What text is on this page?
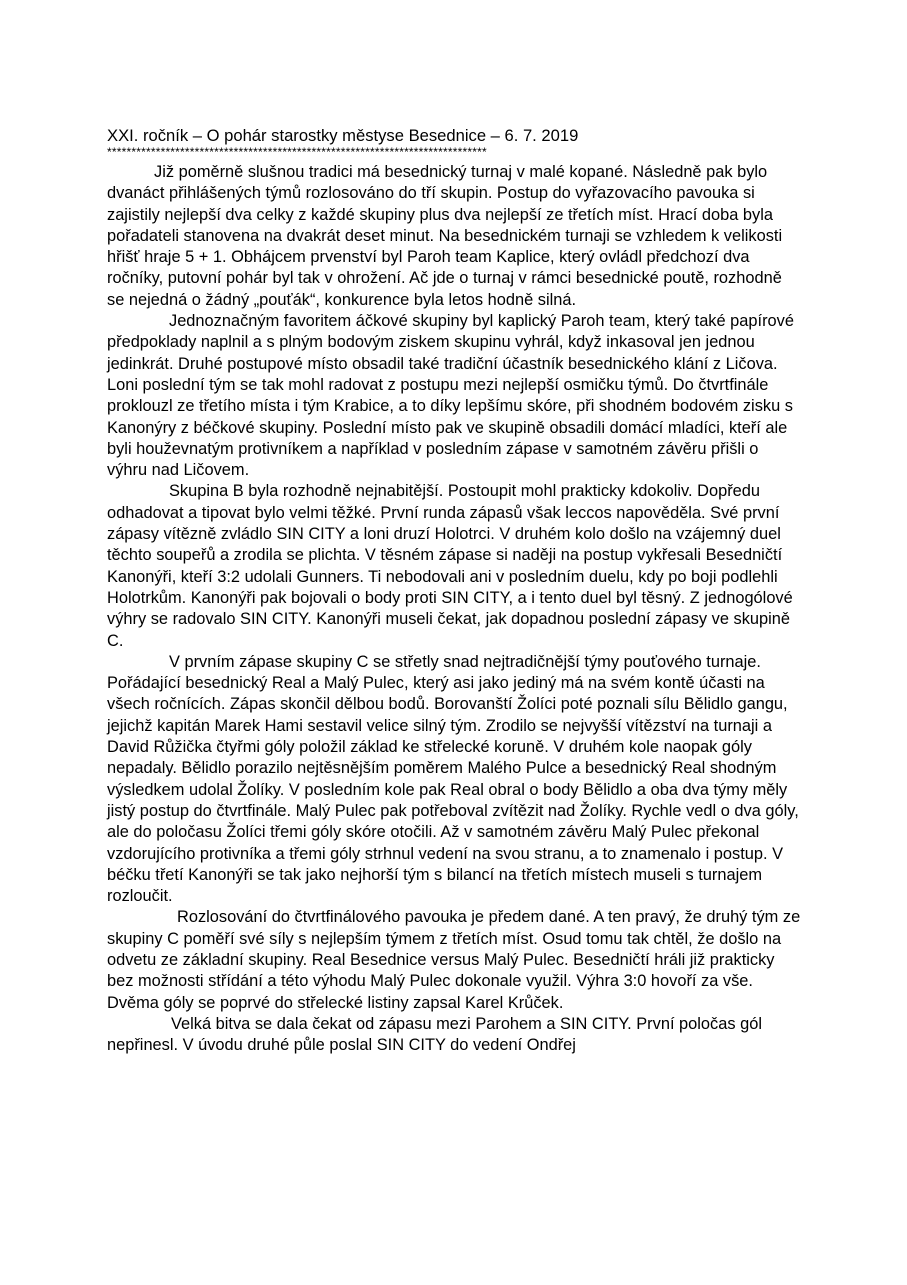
XXI. ročník – O pohár starostky městyse Besednice – 6. 7. 2019
******************************************************************************

Již poměrně slušnou tradici má besednický turnaj v malé kopané. Následně pak bylo dvanáct přihlášených týmů rozlosováno do tří skupin. Postup do vyřazovacího pavouka si zajistily nejlepší dva celky z každé skupiny plus dva nejlepší ze třetích míst. Hrací doba byla pořadateli stanovena na dvakrát deset minut. Na besednickém turnaji se vzhledem k velikosti hřišť hraje 5 + 1. Obhájcem prvenství byl Paroh team Kaplice, který ovládl předchozí dva ročníky, putovní pohár byl tak v ohrožení. Ač jde o turnaj v rámci besednické poutě, rozhodně se nejedná o žádný „pouťák“, konkurence byla letos hodně silná.

Jednoznačným favoritem áčkové skupiny byl kaplický Paroh team, který také papírové předpoklady naplnil a s plným bodovým ziskem skupinu vyhrál, když inkasoval jen jednou jedinkrát. Druhé postupové místo obsadil také tradiční účastník besednického klání z Ličova. Loni poslední tým se tak mohl radovat z postupu mezi nejlepší osmičku týmů. Do čtvrtfinále proklouzl ze třetího místa i tým Krabice, a to díky lepšímu skóre, při shodném bodovém zisku s Kanonýry z béčkové skupiny. Poslední místo pak ve skupině obsadili domácí mladíci, kteří ale byli houževnatým protivníkem a například v posledním zápase v samotném závěru přišli o výhru nad Ličovem.

Skupina B byla rozhodně nejnabitější. Postoupit mohl prakticky kdokoliv. Dopředu odhadovat a tipovat bylo velmi těžké. První runda zápasů však leccos napověděla. Své první zápasy vítězně zvládlo SIN CITY a loni druzí Holotrci. V druhém kolo došlo na vzájemný duel těchto soupeřů a zrodila se plichta. V těsném zápase si naději na postup vykřesali Besedničtí Kanonýři, kteří 3:2 udolali Gunners. Ti nebodovali ani v posledním duelu, kdy po boji podlehli Holotrkům. Kanonýři pak bojovali o body proti SIN CITY, a i tento duel byl těsný. Z jednogólové výhry se radovalo SIN CITY. Kanonýři museli čekat, jak dopadnou poslední zápasy ve skupině C.

V prvním zápase skupiny C se střetly snad nejtradičnější týmy pouťového turnaje. Pořádající besednický Real a Malý Pulec, který asi jako jediný má na svém kontě účasti na všech ročnících. Zápas skončil dělbou bodů. Borovanští Žolíci poté poznali sílu Bělidlo gangu, jejichž kapitán Marek Hami sestavil velice silný tým. Zrodilo se nejvyšší vítězství na turnaji a David Růžička čtyřmi góly položil základ ke střelecké koruně. V druhém kole naopak góly nepadaly. Bělidlo porazilo nejtěsnějším poměrem Malého Pulce a besednický Real shodným výsledkem udolal Žolíky. V posledním kole pak Real obral o body Bělidlo a oba dva týmy měly jistý postup do čtvrtfinále. Malý Pulec pak potřeboval zvítězit nad Žolíky. Rychle vedl o dva góly, ale do poločasu Žolíci třemi góly skóre otočili. Až v samotném závěru Malý Pulec překonal vzdorujícího protivníka a třemi góly strhnul vedení na svou stranu, a to znamenalo i postup. V béčku třetí Kanonýři se tak jako nejhorší tým s bilancí na třetích místech museli s turnajem rozloučit.

Rozlosování do čtvrtfinálového pavouka je předem dané. A ten pravý, že druhý tým ze skupiny C poměří své síly s nejlepším týmem z třetích míst. Osud tomu tak chtěl, že došlo na odvetu ze základní skupiny. Real Besednice versus Malý Pulec. Besedničtí hráli již prakticky bez možnosti střídání a této výhodu Malý Pulec dokonale využil. Výhra 3:0 hovoří za vše. Dvěma góly se poprvé do střelecké listiny zapsal Karel Krůček.

Velká bitva se dala čekat od zápasu mezi Parohem a SIN CITY. První poločas gól nepřinesl. V úvodu druhé půle poslal SIN CITY do vedení Ondřej
